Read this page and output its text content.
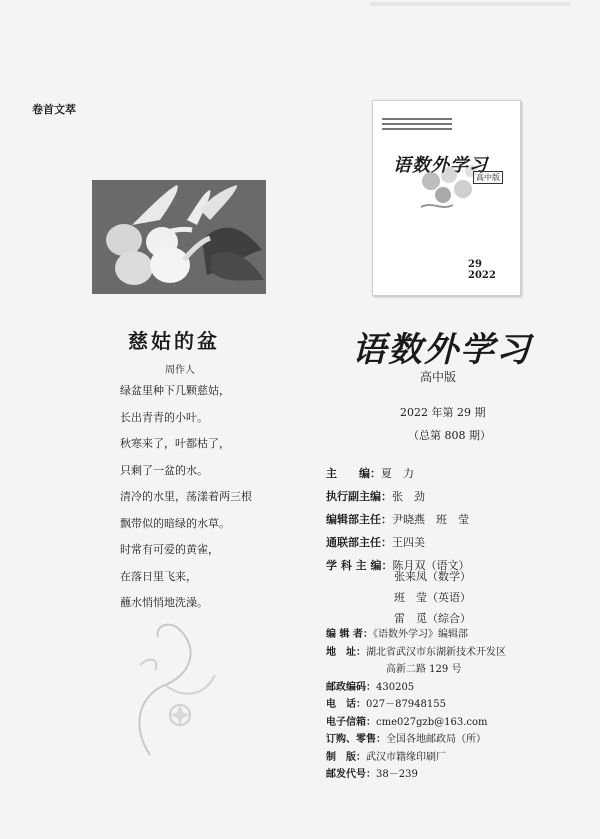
卷首文萃
语数外学习
高中版
29
2022
慈姑的盆
周作人
绿盆里种下几颗慈姑，
长出青青的小叶。
秋寒来了，叶都枯了，
只剩了一盆的水。
清冷的水里，荡漾着两三根
飘带似的暗绿的水草。
时常有可爱的黄雀，
在落日里飞来，
蘸水悄悄地洗澡。
语数外学习
高中版
2022 年第 29 期
（总第 808 期）
主　　编：夏　力
执行副主编：张　劲
编辑部主任：尹晓燕　班　莹
通联部主任：王四美
学 科 主 编：陈月双（语文）
张来凤（数学）
班　莹（英语）
雷　觅（综合）
编 辑 者：《语数外学习》编辑部
地　址：湖北省武汉市东湖新技术开发区
　　　　　　高新二路 129 号
邮政编码：430205
电　话：027－87948155
电子信箱：cme027gzb@163.com
订购、零售：全国各地邮政局（所）
制　版：武汉市籍缘印刷厂
邮发代号：38－239
